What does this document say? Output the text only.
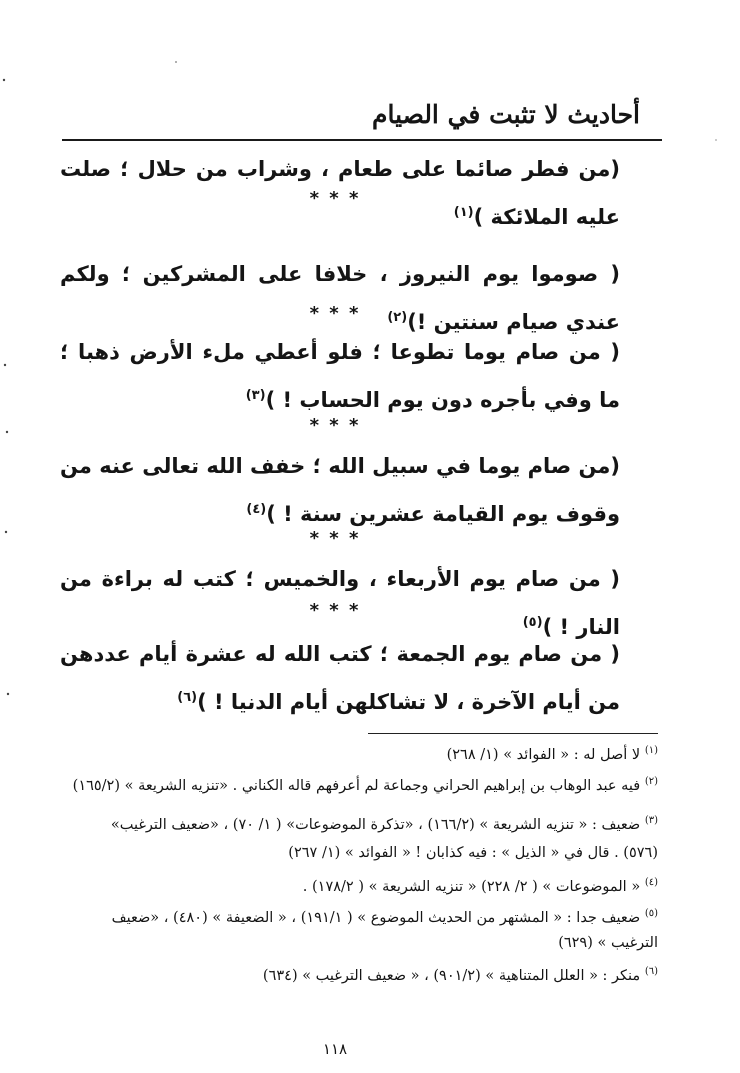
أحاديث لا تثبت في الصيام
(من فطر صائما على طعام ، وشراب من حلال ؛ صلت عليه الملائكة )$^{(١)}$
* * *
( صوموا يوم النيروز ، خلافا على المشركين ؛ ولكم عندي صيام سنتين !)$^{(٢)}$
* * *
( من صام يوما تطوعا ؛ فلو أعطي ملء الأرض ذهبا ؛ ما وفي بأجره دون يوم الحساب ! )$^{(٣)}$
* * *
(من صام يوما في سبيل الله ؛ خفف الله تعالى عنه من وقوف يوم القيامة عشرين سنة ! )$^{(٤)}$
* * *
( من صام يوم الأربعاء ، والخميس ؛ كتب له براءة من النار ! )$^{(٥)}$
* * *
( من صام يوم الجمعة ؛ كتب الله له عشرة أيام عددهن من أيام الآخرة ، لا تشاكلهن أيام الدنيا ! )$^{(٦)}$
$^{(١)}$ لا أصل له : « الفوائد » (١/ ٢٦٨)
$^{(٢)}$ فيه عبد الوهاب بن إبراهيم الحراني وجماعة لم أعرفهم قاله الكناني . «تنزيه الشريعة » (١٦٥/٢)
$^{(٣)}$ ضعيف : « تنزيه الشريعة » (١٦٦/٢) ، «تذكرة الموضوعات» ( ١/ ٧٠) ، «ضعيف الترغيب»
(٥٧٦) . قال في « الذيل » : فيه كذابان ! « الفوائد » (١/ ٢٦٧)
$^{(٤)}$ « الموضوعات » ( ٢/ ٢٢٨) « تنزيه الشريعة » ( ١٧٨/٢) .
$^{(٥)}$ ضعيف جدا : « المشتهر من الحديث الموضوع » ( ١٩١/١) ، « الضعيفة » (٤٨٠) ، «ضعيف
الترغيب » (٦٢٩)
$^{(٦)}$ منكر : « العلل المتناهية » (٩٠١/٢) ، « ضعيف الترغيب » (٦٣٤)
١١٨
